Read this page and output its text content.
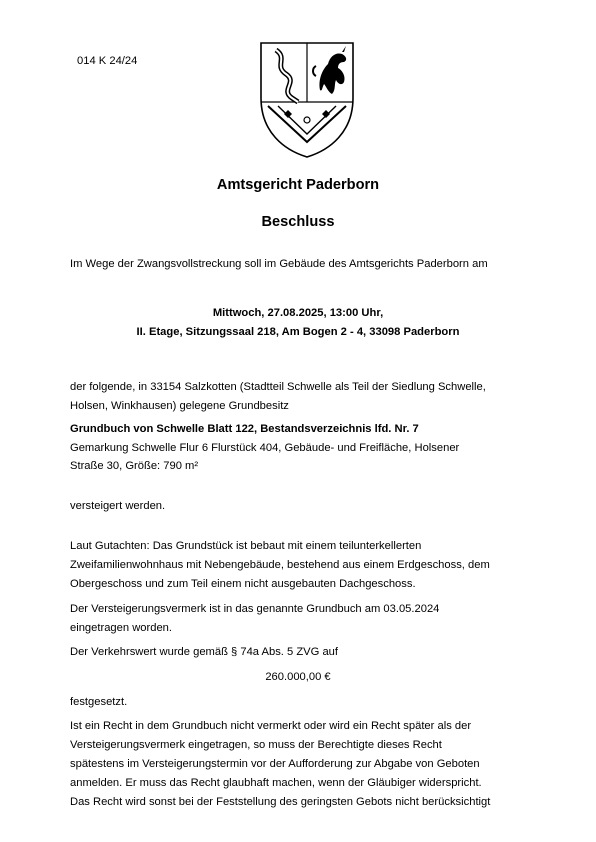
014 K 24/24

Amtsgericht Paderborn

Beschluss

Im Wege der Zwangsvollstreckung soll im Gebäude des Amtsgerichts Paderborn am

Mittwoch, 27.08.2025, 13:00 Uhr,

II. Etage, Sitzungssaal 218, Am Bogen 2 - 4, 33098 Paderborn

der folgende, in 33154 Salzkotten (Stadtteil Schwelle als Teil der Siedlung Schwelle,

Holsen, Winkhausen) gelegene Grundbesitz

Grundbuch von Schwelle Blatt 122, Bestandsverzeichnis lfd. Nr. 7

Gemarkung Schwelle Flur 6 Flurstück 404, Gebäude- und Freifläche, Holsener

Straße 30, Größe: 790 m²

versteigert werden.

Laut Gutachten: Das Grundstück ist bebaut mit einem teilunterkellerten

Zweifamilienwohnhaus mit Nebengebäude, bestehend aus einem Erdgeschoss, dem

Obergeschoss und zum Teil einem nicht ausgebauten Dachgeschoss.

Der Versteigerungsvermerk ist in das genannte Grundbuch am 03.05.2024

eingetragen worden.

Der Verkehrswert wurde gemäß § 74a Abs. 5 ZVG auf

260.000,00 €

festgesetzt.

Ist ein Recht in dem Grundbuch nicht vermerkt oder wird ein Recht später als der

Versteigerungsvermerk eingetragen, so muss der Berechtigte dieses Recht

spätestens im Versteigerungstermin vor der Aufforderung zur Abgabe von Geboten

anmelden. Er muss das Recht glaubhaft machen, wenn der Gläubiger widerspricht.

Das Recht wird sonst bei der Feststellung des geringsten Gebots nicht berücksichtigt
